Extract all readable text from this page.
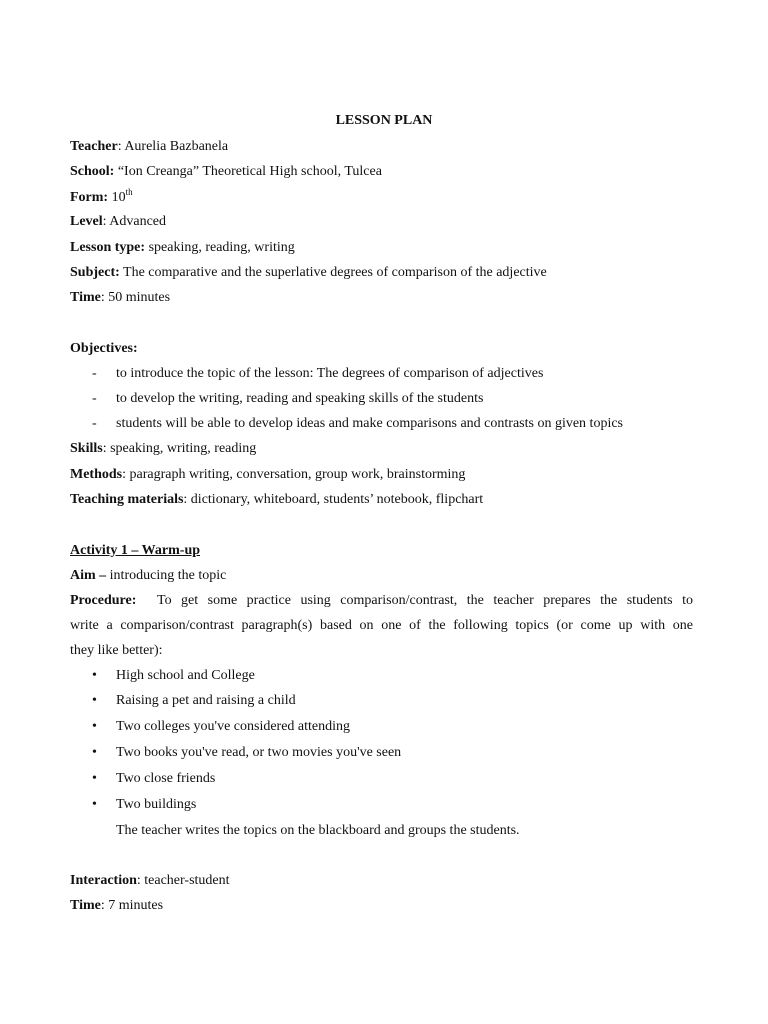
LESSON PLAN
Teacher: Aurelia Bazbanela
School: “Ion Creanga” Theoretical High school, Tulcea
Form: 10th
Level: Advanced
Lesson type: speaking, reading, writing
Subject: The comparative and the superlative degrees of comparison of the adjective
Time: 50 minutes
Objectives:
- to introduce the topic of the lesson: The degrees of comparison of adjectives
- to develop the writing, reading and speaking skills of the students
- students will be able to develop ideas and make comparisons and contrasts on given topics
Skills: speaking, writing, reading
Methods: paragraph writing, conversation, group work, brainstorming
Teaching materials: dictionary, whiteboard, students’ notebook, flipchart
Activity 1 – Warm-up
Aim – introducing the topic
Procedure: To get some practice using comparison/contrast, the teacher prepares the students to
write a comparison/contrast paragraph(s) based on one of the following topics (or come up with one
they like better):
• High school and College
• Raising a pet and raising a child
• Two colleges you've considered attending
• Two books you've read, or two movies you've seen
• Two close friends
• Two buildings
The teacher writes the topics on the blackboard and groups the students.
Interaction: teacher-student
Time: 7 minutes
